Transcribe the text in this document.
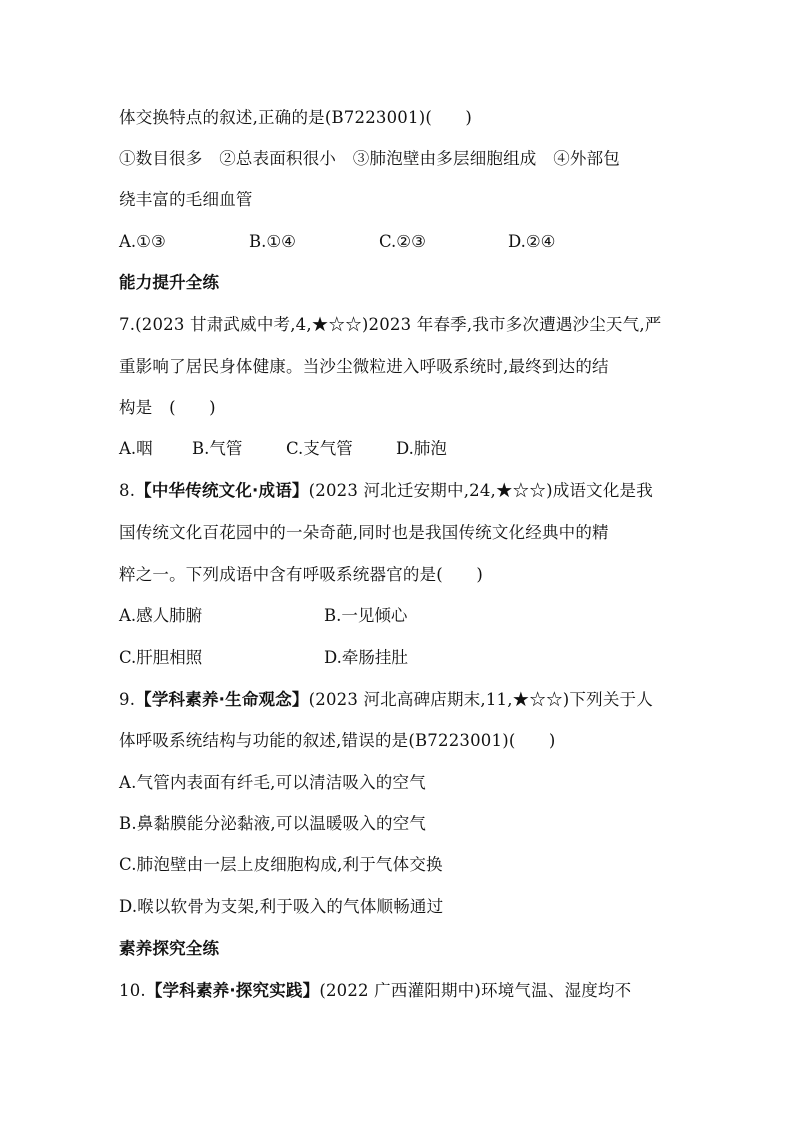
体交换特点的叙述,正确的是(B7223001)(　　)
①数目很多　②总表面积很小　③肺泡壁由多层细胞组成　④外部包
绕丰富的毛细血管
A.①③	B.①④	C.②③	D.②④
能力提升全练
7.(2023 甘肃武威中考,4,★☆☆)2023 年春季,我市多次遭遇沙尘天气,严
重影响了居民身体健康。当沙尘微粒进入呼吸系统时,最终到达的结
构是　(　　)
A.咽 B.气管	C.支气管	D.肺泡
8.【中华传统文化·成语】(2023 河北迁安期中,24,★☆☆)成语文化是我
国传统文化百花园中的一朵奇葩,同时也是我国传统文化经典中的精
粹之一。下列成语中含有呼吸系统器官的是(　　)
A.感人肺腑	B.一见倾心
C.肝胆相照	D.牵肠挂肚
9.【学科素养·生命观念】(2023 河北高碑店期末,11,★☆☆)下列关于人
体呼吸系统结构与功能的叙述,错误的是(B7223001)(　　)
A.气管内表面有纤毛,可以清洁吸入的空气
B.鼻黏膜能分泌黏液,可以温暖吸入的空气
C.肺泡壁由一层上皮细胞构成,利于气体交换
D.喉以软骨为支架,利于吸入的气体顺畅通过
素养探究全练
10.【学科素养·探究实践】(2022 广西灌阳期中)环境气温、湿度均不
